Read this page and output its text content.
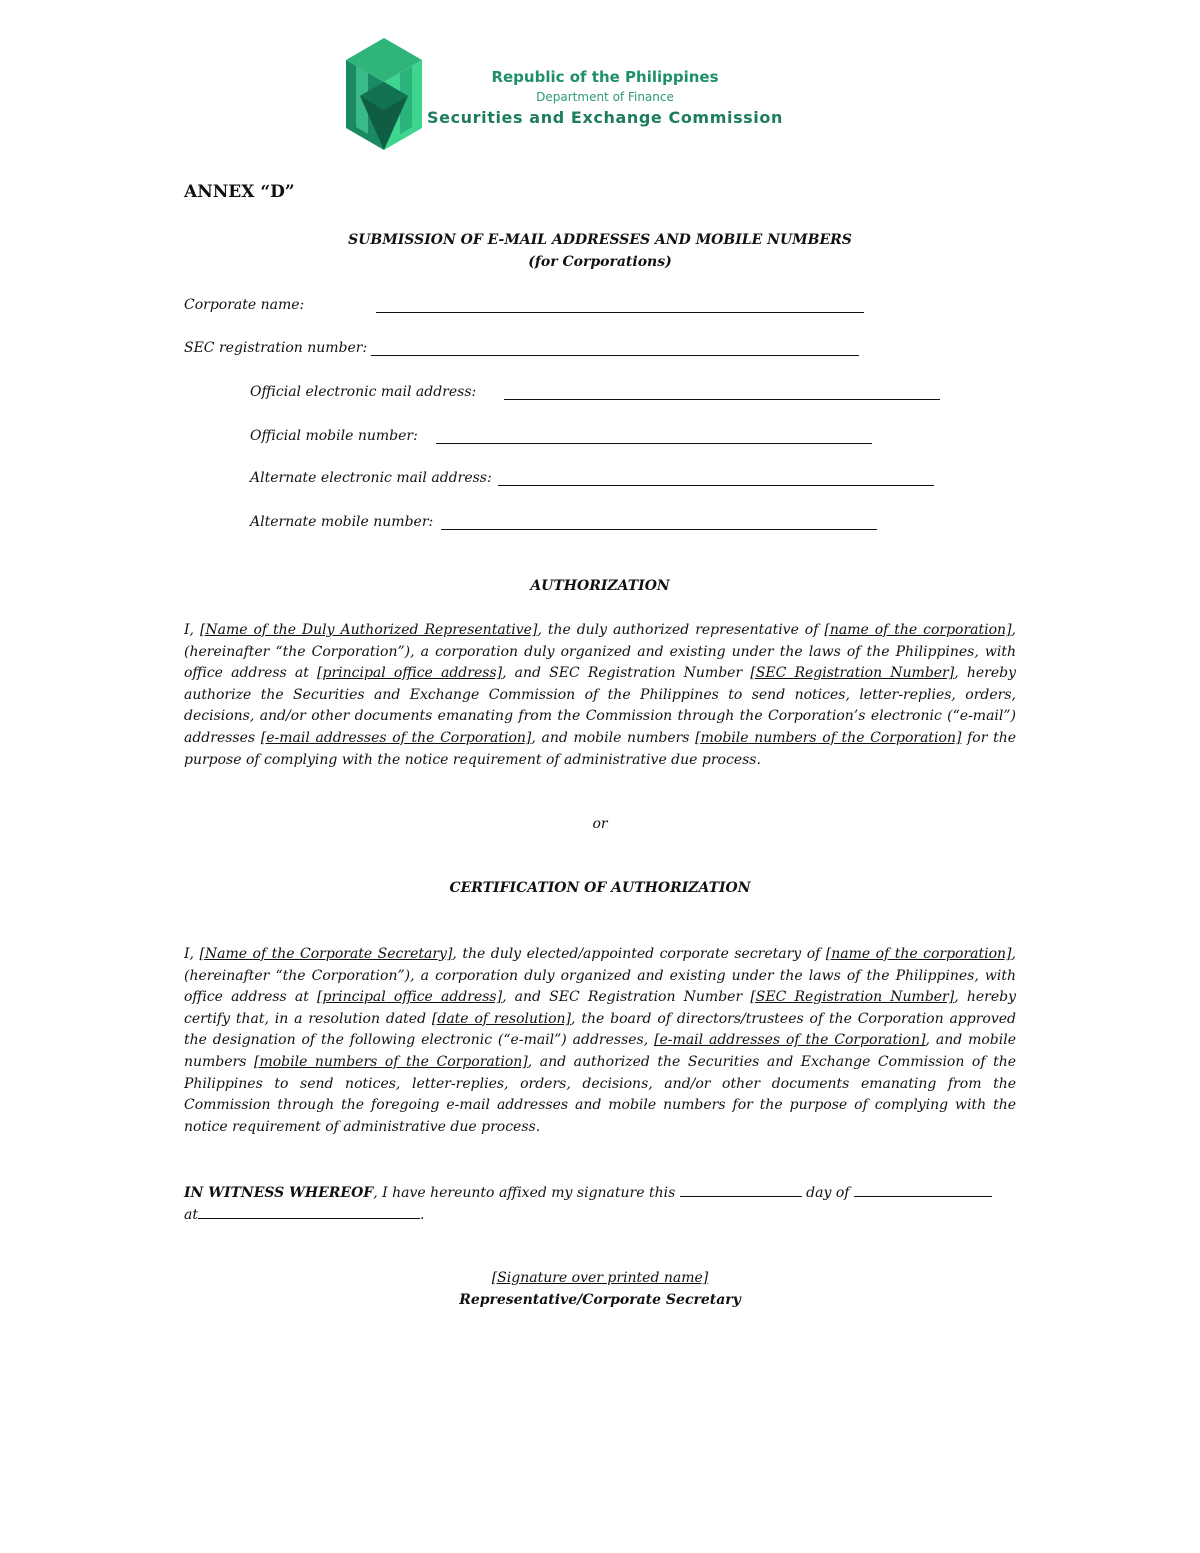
Republic of the Philippines
Department of Finance
Securities and Exchange Commission
ANNEX “D”
SUBMISSION OF E-MAIL ADDRESSES AND MOBILE NUMBERS
(for Corporations)
Corporate name:
SEC registration number:
Official electronic mail address:
Official mobile number:
Alternate electronic mail address:
Alternate mobile number:
AUTHORIZATION
I, [Name of the Duly Authorized Representative], the duly authorized representative of [name of the corporation], (hereinafter “the Corporation”), a corporation duly organized and existing under the laws of the Philippines, with office address at [principal office address], and SEC Registration Number [SEC Registration Number], hereby authorize the Securities and Exchange Commission of the Philippines to send notices, letter-replies, orders, decisions, and/or other documents emanating from the Commission through the Corporation’s electronic (“e-mail”) addresses [e-mail addresses of the Corporation], and mobile numbers [mobile numbers of the Corporation] for the purpose of complying with the notice requirement of administrative due process.
or
CERTIFICATION OF AUTHORIZATION
I, [Name of the Corporate Secretary], the duly elected/appointed corporate secretary of [name of the corporation], (hereinafter “the Corporation”), a corporation duly organized and existing under the laws of the Philippines, with office address at [principal office address], and SEC Registration Number [SEC Registration Number], hereby certify that, in a resolution dated [date of resolution], the board of directors/trustees of the Corporation approved the designation of the following electronic (“e-mail”) addresses, [e-mail addresses of the Corporation], and mobile numbers [mobile numbers of the Corporation], and authorized the Securities and Exchange Commission of the Philippines to send notices, letter-replies, orders, decisions, and/or other documents emanating from the Commission through the foregoing e-mail addresses and mobile numbers for the purpose of complying with the notice requirement of administrative due process.
IN WITNESS WHEREOF, I have hereunto affixed my signature this	day of
at	.
[Signature over printed name]
Representative/Corporate Secretary
